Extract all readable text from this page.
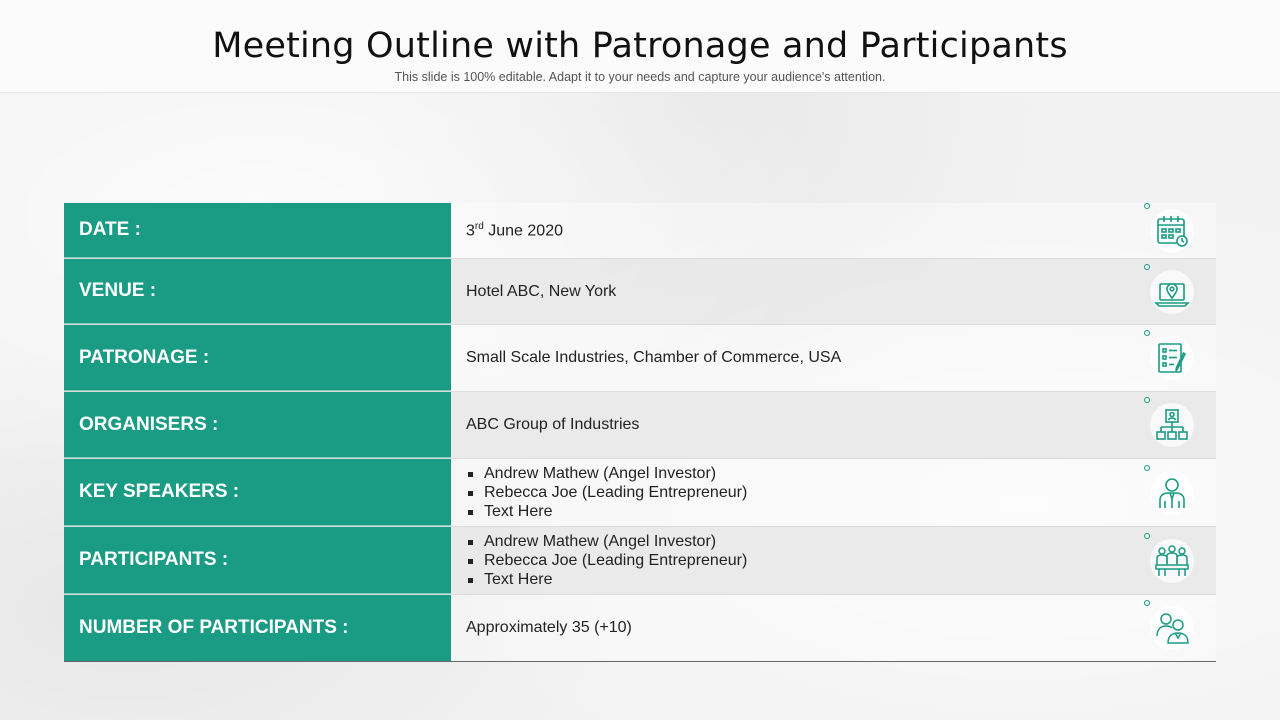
Meeting Outline with Patronage and Participants
This slide is 100% editable. Adapt it to your needs and capture your audience's attention.
DATE :	3rd June 2020
VENUE :	Hotel ABC, New York
PATRONAGE :	Small Scale Industries, Chamber of Commerce, USA
ORGANISERS :	ABC Group of Industries
KEY SPEAKERS :
Andrew Mathew (Angel Investor)
Rebecca Joe (Leading Entrepreneur)
Text Here
PARTICIPANTS :
Andrew Mathew (Angel Investor)
Rebecca Joe (Leading Entrepreneur)
Text Here
NUMBER OF PARTICIPANTS :	Approximately 35 (+10)
